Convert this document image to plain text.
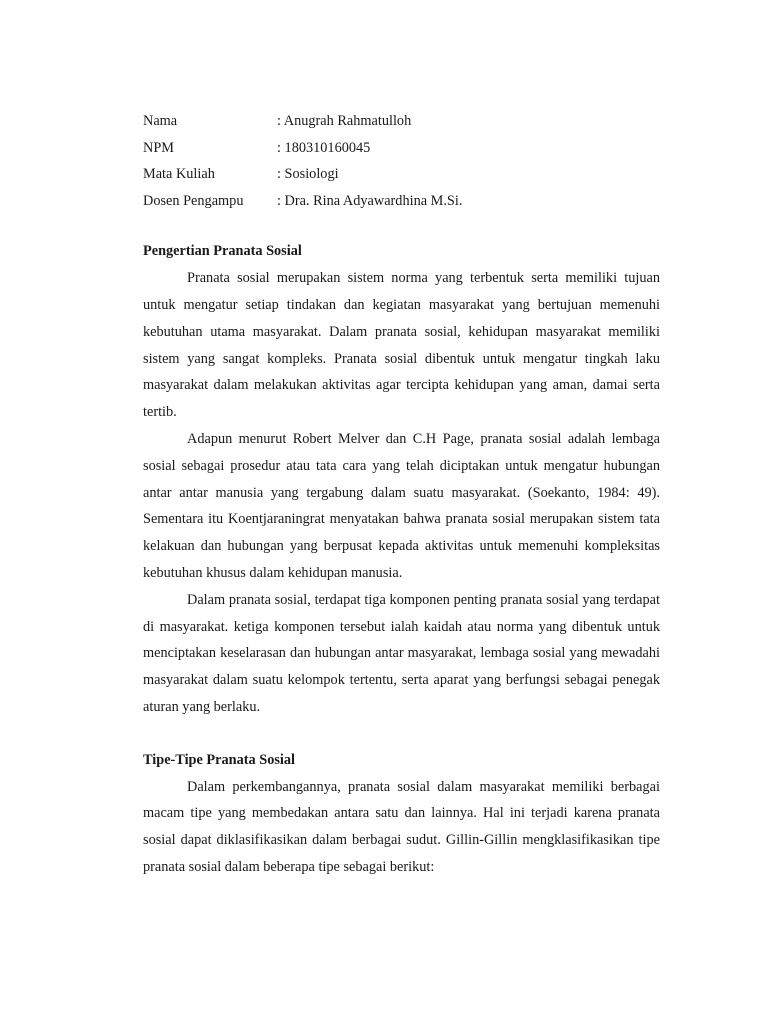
Nama	: Anugrah Rahmatulloh
NPM	: 180310160045
Mata Kuliah	: Sosiologi
Dosen Pengampu	: Dra. Rina Adyawardhina M.Si.
Pengertian Pranata Sosial

Pranata sosial merupakan sistem norma yang terbentuk serta memiliki tujuan untuk mengatur setiap tindakan dan kegiatan masyarakat yang bertujuan memenuhi kebutuhan utama masyarakat. Dalam pranata sosial, kehidupan masyarakat memiliki sistem yang sangat kompleks. Pranata sosial dibentuk untuk mengatur tingkah laku masyarakat dalam melakukan aktivitas agar tercipta kehidupan yang aman, damai serta tertib.

Adapun menurut Robert Melver dan C.H Page, pranata sosial adalah lembaga sosial sebagai prosedur atau tata cara yang telah diciptakan untuk mengatur hubungan antar antar manusia yang tergabung dalam suatu masyarakat. (Soekanto, 1984: 49). Sementara itu Koentjaraningrat menyatakan bahwa pranata sosial merupakan sistem tata kelakuan dan hubungan yang berpusat kepada aktivitas untuk memenuhi kompleksitas kebutuhan khusus dalam kehidupan manusia.

Dalam pranata sosial, terdapat tiga komponen penting pranata sosial yang terdapat di masyarakat. ketiga komponen tersebut ialah kaidah atau norma yang dibentuk untuk menciptakan keselarasan dan hubungan antar masyarakat, lembaga sosial yang mewadahi masyarakat dalam suatu kelompok tertentu, serta aparat yang berfungsi sebagai penegak aturan yang berlaku.

Tipe-Tipe Pranata Sosial

Dalam perkembangannya, pranata sosial dalam masyarakat memiliki berbagai macam tipe yang membedakan antara satu dan lainnya. Hal ini terjadi karena pranata sosial dapat diklasifikasikan dalam berbagai sudut. Gillin-Gillin mengklasifikasikan tipe pranata sosial dalam beberapa tipe sebagai berikut:
